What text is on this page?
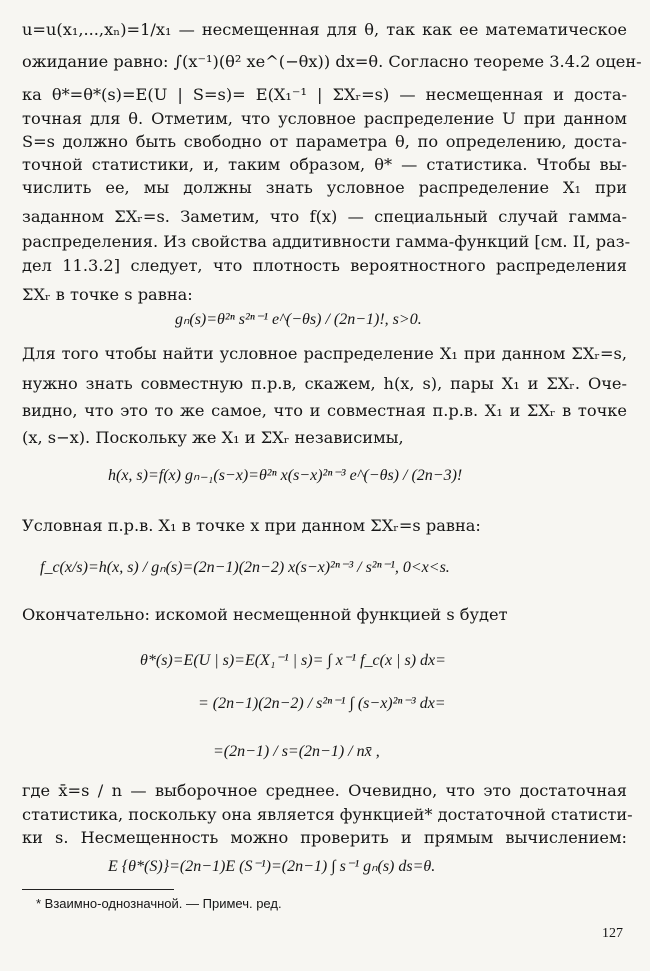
u=u(x₁,...,xₙ)=1/x₁ — несмещенная для θ, так как ее математическое
ожидание равно: ∫(x⁻¹)(θ² xe^(−θx)) dx=θ. Согласно теореме 3.4.2 оцен-
ка θ*=θ*(s)=E(U | S=s)= E(X₁⁻¹ | ΣXᵣ=s) — несмещенная и доста-
точная для θ. Отметим, что условное распределение U при данном
S=s должно быть свободно от параметра θ, по определению, доста-
точной статистики, и, таким образом, θ* — статистика. Чтобы вы-
числить ее, мы должны знать условное распределение X₁ при
заданном ΣXᵣ=s. Заметим, что f(x) — специальный случай гамма-
распределения. Из свойства аддитивности гамма-функций [см. II, раз-
дел 11.3.2] следует, что плотность вероятностного распределения
ΣXᵣ в точке s равна:
gₙ(s)=θ²ⁿ s²ⁿ⁻¹ e^(−θs) / (2n−1)!, s>0.
Для того чтобы найти условное распределение X₁ при данном ΣXᵣ=s,
нужно знать совместную п.р.в, скажем, h(x, s), пары X₁ и ΣXᵣ. Оче-
видно, что это то же самое, что и совместная п.р.в. X₁ и ΣXᵣ в точке
(x, s−x). Поскольку же X₁ и ΣXᵣ независимы,
h(x, s)=f(x) gₙ₋₁(s−x)=θ²ⁿ x(s−x)²ⁿ⁻³ e^(−θs) / (2n−3)!
Условная п.р.в. X₁ в точке x при данном ΣXᵣ=s равна:
f_c(x/s)=h(x, s) / gₙ(s)=(2n−1)(2n−2) x(s−x)²ⁿ⁻³ / s²ⁿ⁻¹, 0<x<s.
Окончательно: искомой несмещенной функцией s будет
θ*(s)=E(U | s)=E(X₁⁻¹ | s)= ∫ x⁻¹ f_c(x | s) dx=
= (2n−1)(2n−2) / s²ⁿ⁻¹ ∫ (s−x)²ⁿ⁻³ dx=
=(2n−1) / s=(2n−1) / nx̄ ,
где x̄=s / n — выборочное среднее. Очевидно, что это достаточная
статистика, поскольку она является функцией* достаточной статисти-
ки s. Несмещенность можно проверить и прямым вычислением:
E {θ*(S)}=(2n−1)E (S⁻¹)=(2n−1) ∫ s⁻¹ gₙ(s) ds=θ.
* Взаимно-однозначной. — Примеч. ред.
127
